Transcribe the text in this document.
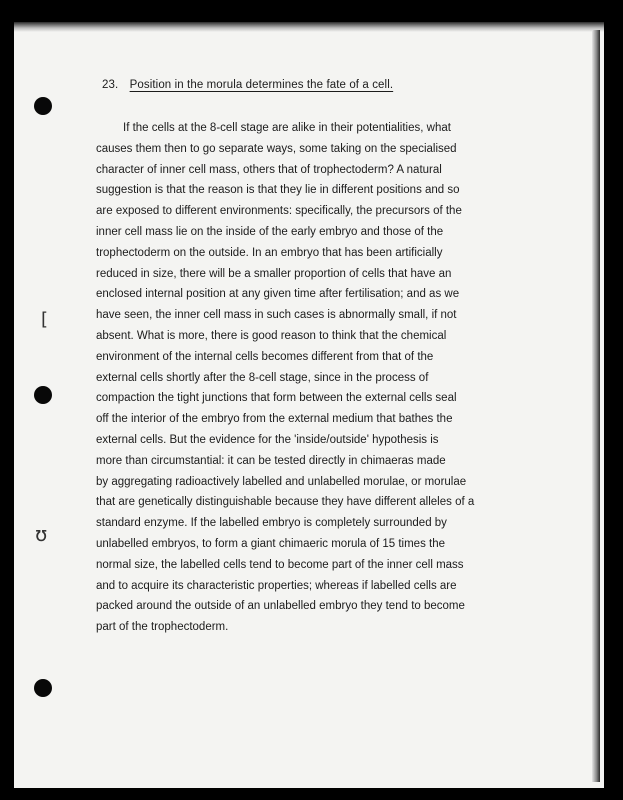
[
ʊ
23. Position in the morula determines the fate of a cell.

If the cells at the 8-cell stage are alike in their potentialities, what
causes them then to go separate ways, some taking on the specialised
character of inner cell mass, others that of trophectoderm? A natural
suggestion is that the reason is that they lie in different positions and so
are exposed to different environments: specifically, the precursors of the
inner cell mass lie on the inside of the early embryo and those of the
trophectoderm on the outside. In an embryo that has been artificially
reduced in size, there will be a smaller proportion of cells that have an
enclosed internal position at any given time after fertilisation; and as we
have seen, the inner cell mass in such cases is abnormally small, if not
absent. What is more, there is good reason to think that the chemical
environment of the internal cells becomes different from that of the
external cells shortly after the 8-cell stage, since in the process of
compaction the tight junctions that form between the external cells seal
off the interior of the embryo from the external medium that bathes the
external cells. But the evidence for the 'inside/outside' hypothesis is
more than circumstantial: it can be tested directly in chimaeras made
by aggregating radioactively labelled and unlabelled morulae, or morulae
that are genetically distinguishable because they have different alleles of a
standard enzyme. If the labelled embryo is completely surrounded by
unlabelled embryos, to form a giant chimaeric morula of 15 times the
normal size, the labelled cells tend to become part of the inner cell mass
and to acquire its characteristic properties; whereas if labelled cells are
packed around the outside of an unlabelled embryo they tend to become
part of the trophectoderm.
